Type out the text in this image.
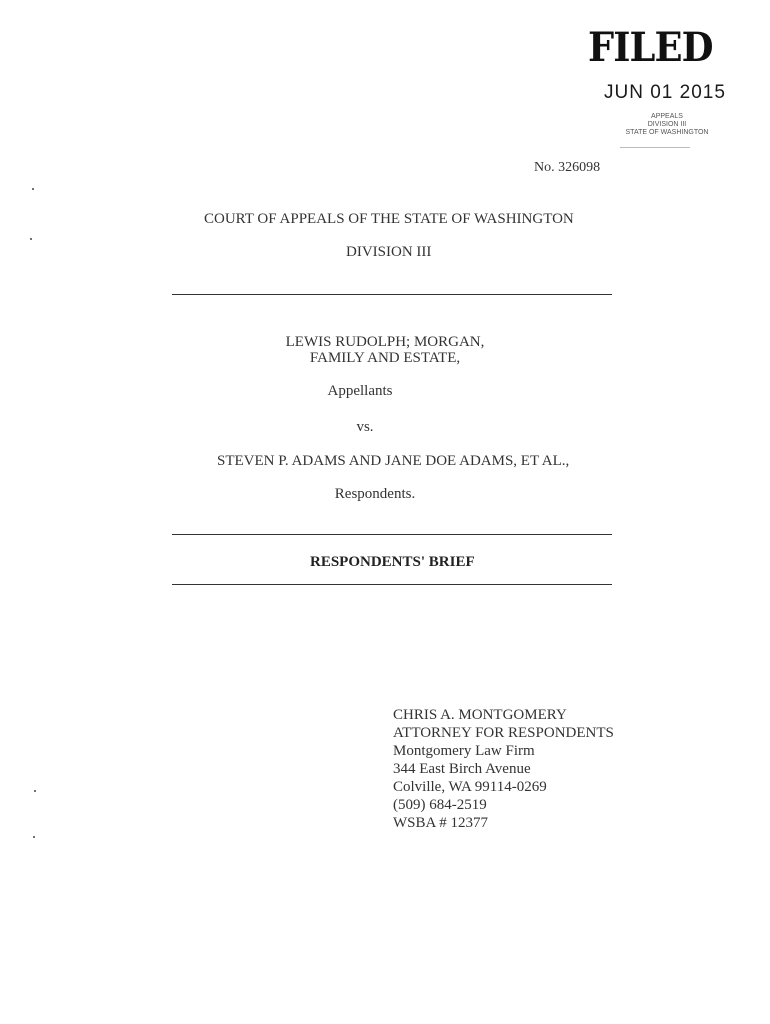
FILED
JUN 01 2015
APPEALS
DIVISION III
STATE OF WASHINGTON
No. 326098
COURT OF APPEALS OF THE STATE OF WASHINGTON
DIVISION III
LEWIS RUDOLPH; MORGAN,
FAMILY AND ESTATE,
Appellants
vs.
STEVEN P. ADAMS AND JANE DOE ADAMS, ET AL.,
Respondents.
RESPONDENTS' BRIEF
CHRIS A. MONTGOMERY
ATTORNEY FOR RESPONDENTS
Montgomery Law Firm
344 East Birch Avenue
Colville, WA 99114-0269
(509) 684-2519
WSBA # 12377
